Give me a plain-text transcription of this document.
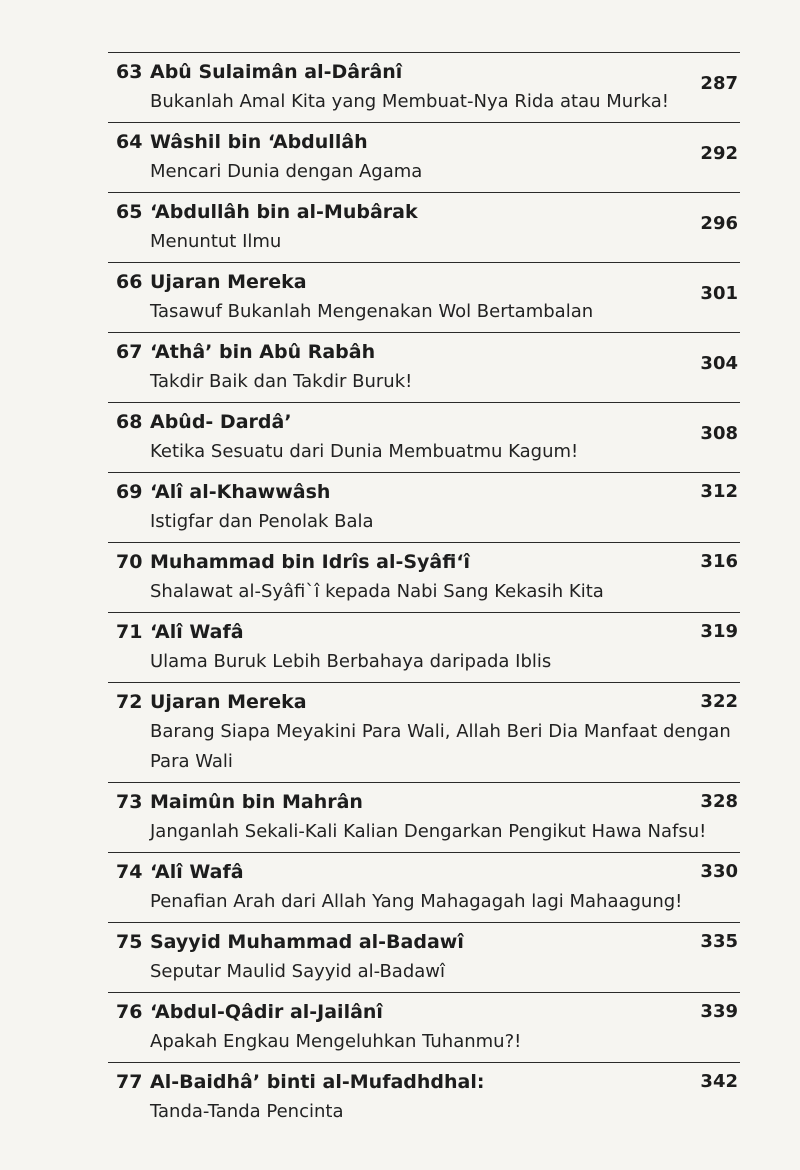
63 Abû Sulaimân al-Dârânî
Bukanlah Amal Kita yang Membuat-Nya Rida atau Murka!
287
64 Wâshil bin ‘Abdullâh
Mencari Dunia dengan Agama
292
65 ‘Abdullâh bin al-Mubârak
Menuntut Ilmu
296
66 Ujaran Mereka
Tasawuf Bukanlah Mengenakan Wol Bertambalan
301
67 ‘Athâ’ bin Abû Rabâh
Takdir Baik dan Takdir Buruk!
304
68 Abûd- Dardâ’
Ketika Sesuatu dari Dunia Membuatmu Kagum!
308
69 ‘Alî al-Khawwâsh
Istigfar dan Penolak Bala
312
70 Muhammad bin Idrîs al-Syâfi‘î
Shalawat al-Syâfi`î kepada Nabi Sang Kekasih Kita
316
71 ‘Alî Wafâ
Ulama Buruk Lebih Berbahaya daripada Iblis
319
72 Ujaran Mereka
Barang Siapa Meyakini Para Wali, Allah Beri Dia Manfaat dengan Para Wali
322
73 Maimûn bin Mahrân
Janganlah Sekali-Kali Kalian Dengarkan Pengikut Hawa Nafsu!
328
74 ‘Alî Wafâ
Penafian Arah dari Allah Yang Mahagagah lagi Mahaagung!
330
75 Sayyid Muhammad al-Badawî
Seputar Maulid Sayyid al-Badawî
335
76 ‘Abdul-Qâdir al-Jailânî
Apakah Engkau Mengeluhkan Tuhanmu?!
339
77 Al-Baidhâ’ binti al-Mufadhdhal:
Tanda-Tanda Pencinta
342
